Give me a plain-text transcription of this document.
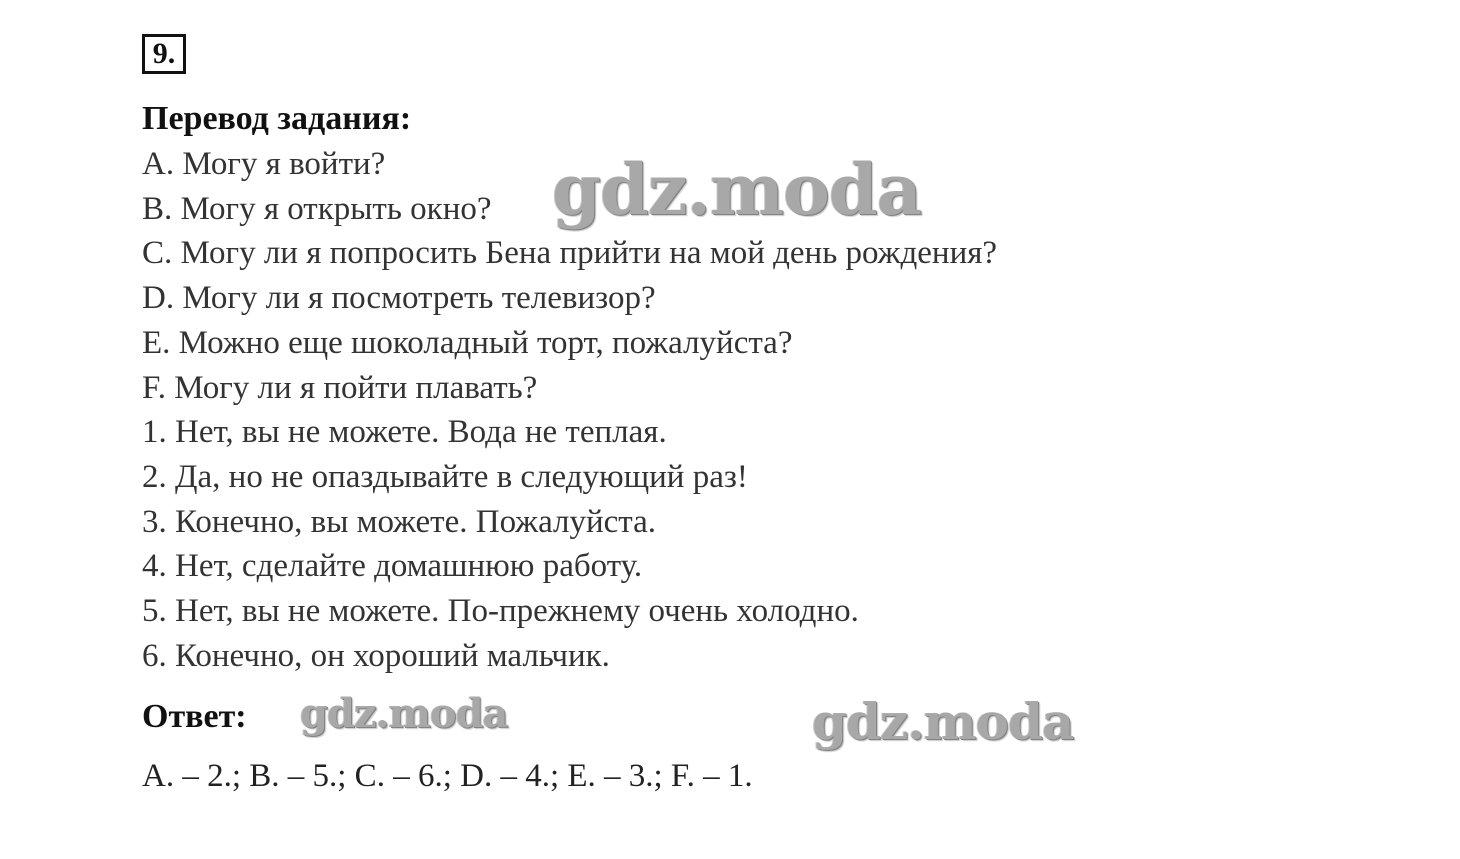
9.
Перевод задания:
A. Могу я войти?
B. Могу я открыть окно?
C. Могу ли я попросить Бена прийти на мой день рождения?
D. Могу ли я посмотреть телевизор?
E. Можно еще шоколадный торт, пожалуйста?
F. Могу ли я пойти плавать?
1. Нет, вы не можете. Вода не теплая.
2. Да, но не опаздывайте в следующий раз!
3. Конечно, вы можете. Пожалуйста.
4. Нет, сделайте домашнюю работу.
5. Нет, вы не можете. По-прежнему очень холодно.
6. Конечно, он хороший мальчик.
Ответ:
A. – 2.; B. – 5.; C. – 6.; D. – 4.; E. – 3.; F. – 1.
gdz.moda
gdz.moda	gdz.moda
